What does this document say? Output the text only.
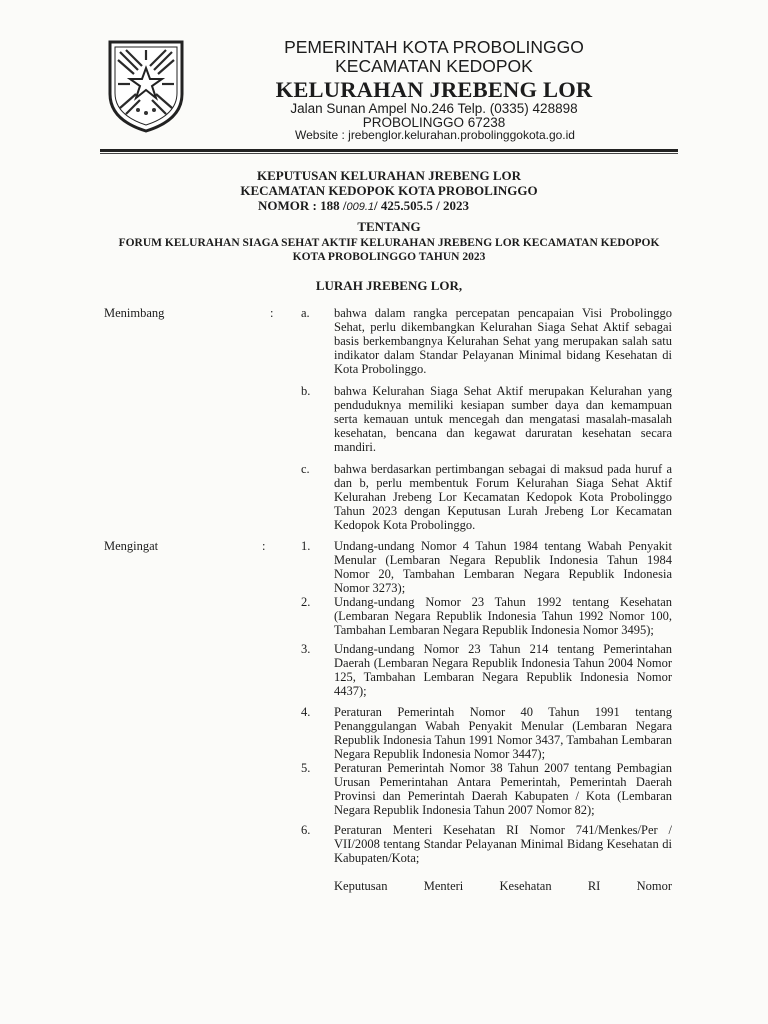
PEMERINTAH KOTA PROBOLINGGO
KECAMATAN KEDOPOK
KELURAHAN JREBENG LOR
Jalan Sunan Ampel No.246 Telp. (0335) 428898
PROBOLINGGO 67238
Website : jrebenglor.kelurahan.probolinggokota.go.id
KEPUTUSAN KELURAHAN JREBENG LOR
KECAMATAN KEDOPOK KOTA PROBOLINGGO
NOMOR : 188 /009.1/ 425.505.5 / 2023
TENTANG
FORUM KELURAHAN SIAGA SEHAT AKTIF KELURAHAN JREBENG LOR KECAMATAN KEDOPOK
KOTA PROBOLINGGO TAHUN 2023
LURAH JREBENG LOR,
Menimbang	: a.	bahwa dalam rangka percepatan pencapaian Visi Probolinggo Sehat, perlu dikembangkan Kelurahan Siaga Sehat Aktif sebagai basis berkembangnya Kelurahan Sehat yang merupakan salah satu indikator dalam Standar Pelayanan Minimal bidang Kesehatan di Kota Probolinggo.
b.	bahwa Kelurahan Siaga Sehat Aktif merupakan Kelurahan yang penduduknya memiliki kesiapan sumber daya dan kemampuan serta kemauan untuk mencegah dan mengatasi masalah-masalah kesehatan, bencana dan kegawat daruratan kesehatan secara mandiri.
c.	bahwa berdasarkan pertimbangan sebagai di maksud pada huruf a dan b, perlu membentuk Forum Kelurahan Siaga Sehat Aktif Kelurahan Jrebeng Lor Kecamatan Kedopok Kota Probolinggo Tahun 2023 dengan Keputusan Lurah Jrebeng Lor Kecamatan Kedopok Kota Probolinggo.
Mengingat	:	1.	Undang-undang Nomor 4 Tahun 1984 tentang Wabah Penyakit Menular (Lembaran Negara Republik Indonesia Tahun 1984 Nomor 20, Tambahan Lembaran Negara Republik Indonesia Nomor 3273);
2.	Undang-undang Nomor 23 Tahun 1992 tentang Kesehatan (Lembaran Negara Republik Indonesia Tahun 1992 Nomor 100, Tambahan Lembaran Negara Republik Indonesia Nomor 3495);
3.	Undang-undang Nomor 23 Tahun 214 tentang Pemerintahan Daerah (Lembaran Negara Republik Indonesia Tahun 2004 Nomor 125, Tambahan Lembaran Negara Republik Indonesia Nomor 4437);
4.	Peraturan Pemerintah Nomor 40 Tahun 1991 tentang Penanggulangan Wabah Penyakit Menular (Lembaran Negara Republik Indonesia Tahun 1991 Nomor 3437, Tambahan Lembaran Negara Republik Indonesia Nomor 3447);
5.	Peraturan Pemerintah Nomor 38 Tahun 2007 tentang Pembagian Urusan Pemerintahan Antara Pemerintah, Pemerintah Daerah Provinsi dan Pemerintah Daerah Kabupaten / Kota (Lembaran Negara Republik Indonesia Tahun 2007 Nomor 82);
6.	Peraturan Menteri Kesehatan RI Nomor 741/Menkes/Per / VII/2008 tentang Standar Pelayanan Minimal Bidang Kesehatan di Kabupaten/Kota;
Keputusan Menteri Kesehatan RI Nomor
